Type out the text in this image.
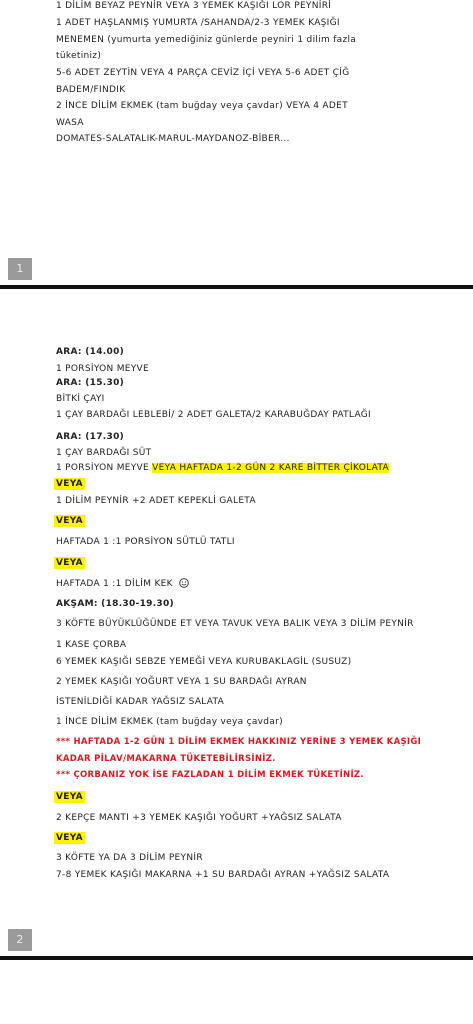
1 DİLİM BEYAZ PEYNİR VEYA 3 YEMEK KAŞIĞI LOR PEYNİRİ
1 ADET HAŞLANMIŞ YUMURTA /SAHANDA/2-3 YEMEK KAŞIĞI
MENEMEN (yumurta yemediğiniz günlerde peyniri 1 dilim fazla
tüketiniz)
5-6 ADET ZEYTİN VEYA 4 PARÇA CEVİZ İÇİ VEYA 5-6 ADET ÇİĞ
BADEM/FINDIK
2 İNCE DİLİM EKMEK (tam buğday veya çavdar) VEYA 4 ADET
WASA
DOMATES-SALATALIK-MARUL-MAYDANOZ-BİBER...
1
ARA: (14.00)
1 PORSİYON MEYVE
ARA: (15.30)
BİTKİ ÇAYI
1 ÇAY BARDAĞI LEBLEBİ/ 2 ADET GALETA/2 KARABUĞDAY PATLAĞI
ARA: (17.30)
1 ÇAY BARDAĞI SÜT
1 PORSİYON MEYVE VEYA HAFTADA 1-2 GÜN 2 KARE BİTTER ÇİKOLATA
VEYA
1 DİLİM PEYNİR +2 ADET KEPEKLİ GALETA
VEYA
HAFTADA 1 :1 PORSİYON SÜTLÜ TATLI
VEYA
HAFTADA 1 :1 DİLİM KEK
AKŞAM: (18.30-19.30)
3 KÖFTE BÜYÜKLÜĞÜNDE ET VEYA TAVUK VEYA BALIK VEYA 3 DİLİM PEYNİR
1 KASE ÇORBA
6 YEMEK KAŞIĞI SEBZE YEMEĞİ VEYA KURUBAKLAGİL (SUSUZ)
2 YEMEK KAŞIĞI YOĞURT VEYA 1 SU BARDAĞI AYRAN
İSTENİLDİĞİ KADAR YAĞSIZ SALATA
1 İNCE DİLİM EKMEK (tam buğday veya çavdar)
*** HAFTADA 1-2 GÜN 1 DİLİM EKMEK HAKKINIZ YERİNE 3 YEMEK KAŞIĞI
KADAR PİLAV/MAKARNA TÜKETEBİLİRSİNİZ.
*** ÇORBANIZ YOK İSE FAZLADAN 1 DİLİM EKMEK TÜKETİNİZ.
VEYA
2 KEPÇE MANTI +3 YEMEK KAŞIĞI YOĞURT +YAĞSIZ SALATA
VEYA
3 KÖFTE YA DA 3 DİLİM PEYNİR
7-8 YEMEK KAŞIĞI MAKARNA +1 SU BARDAĞI AYRAN +YAĞSIZ SALATA
2
